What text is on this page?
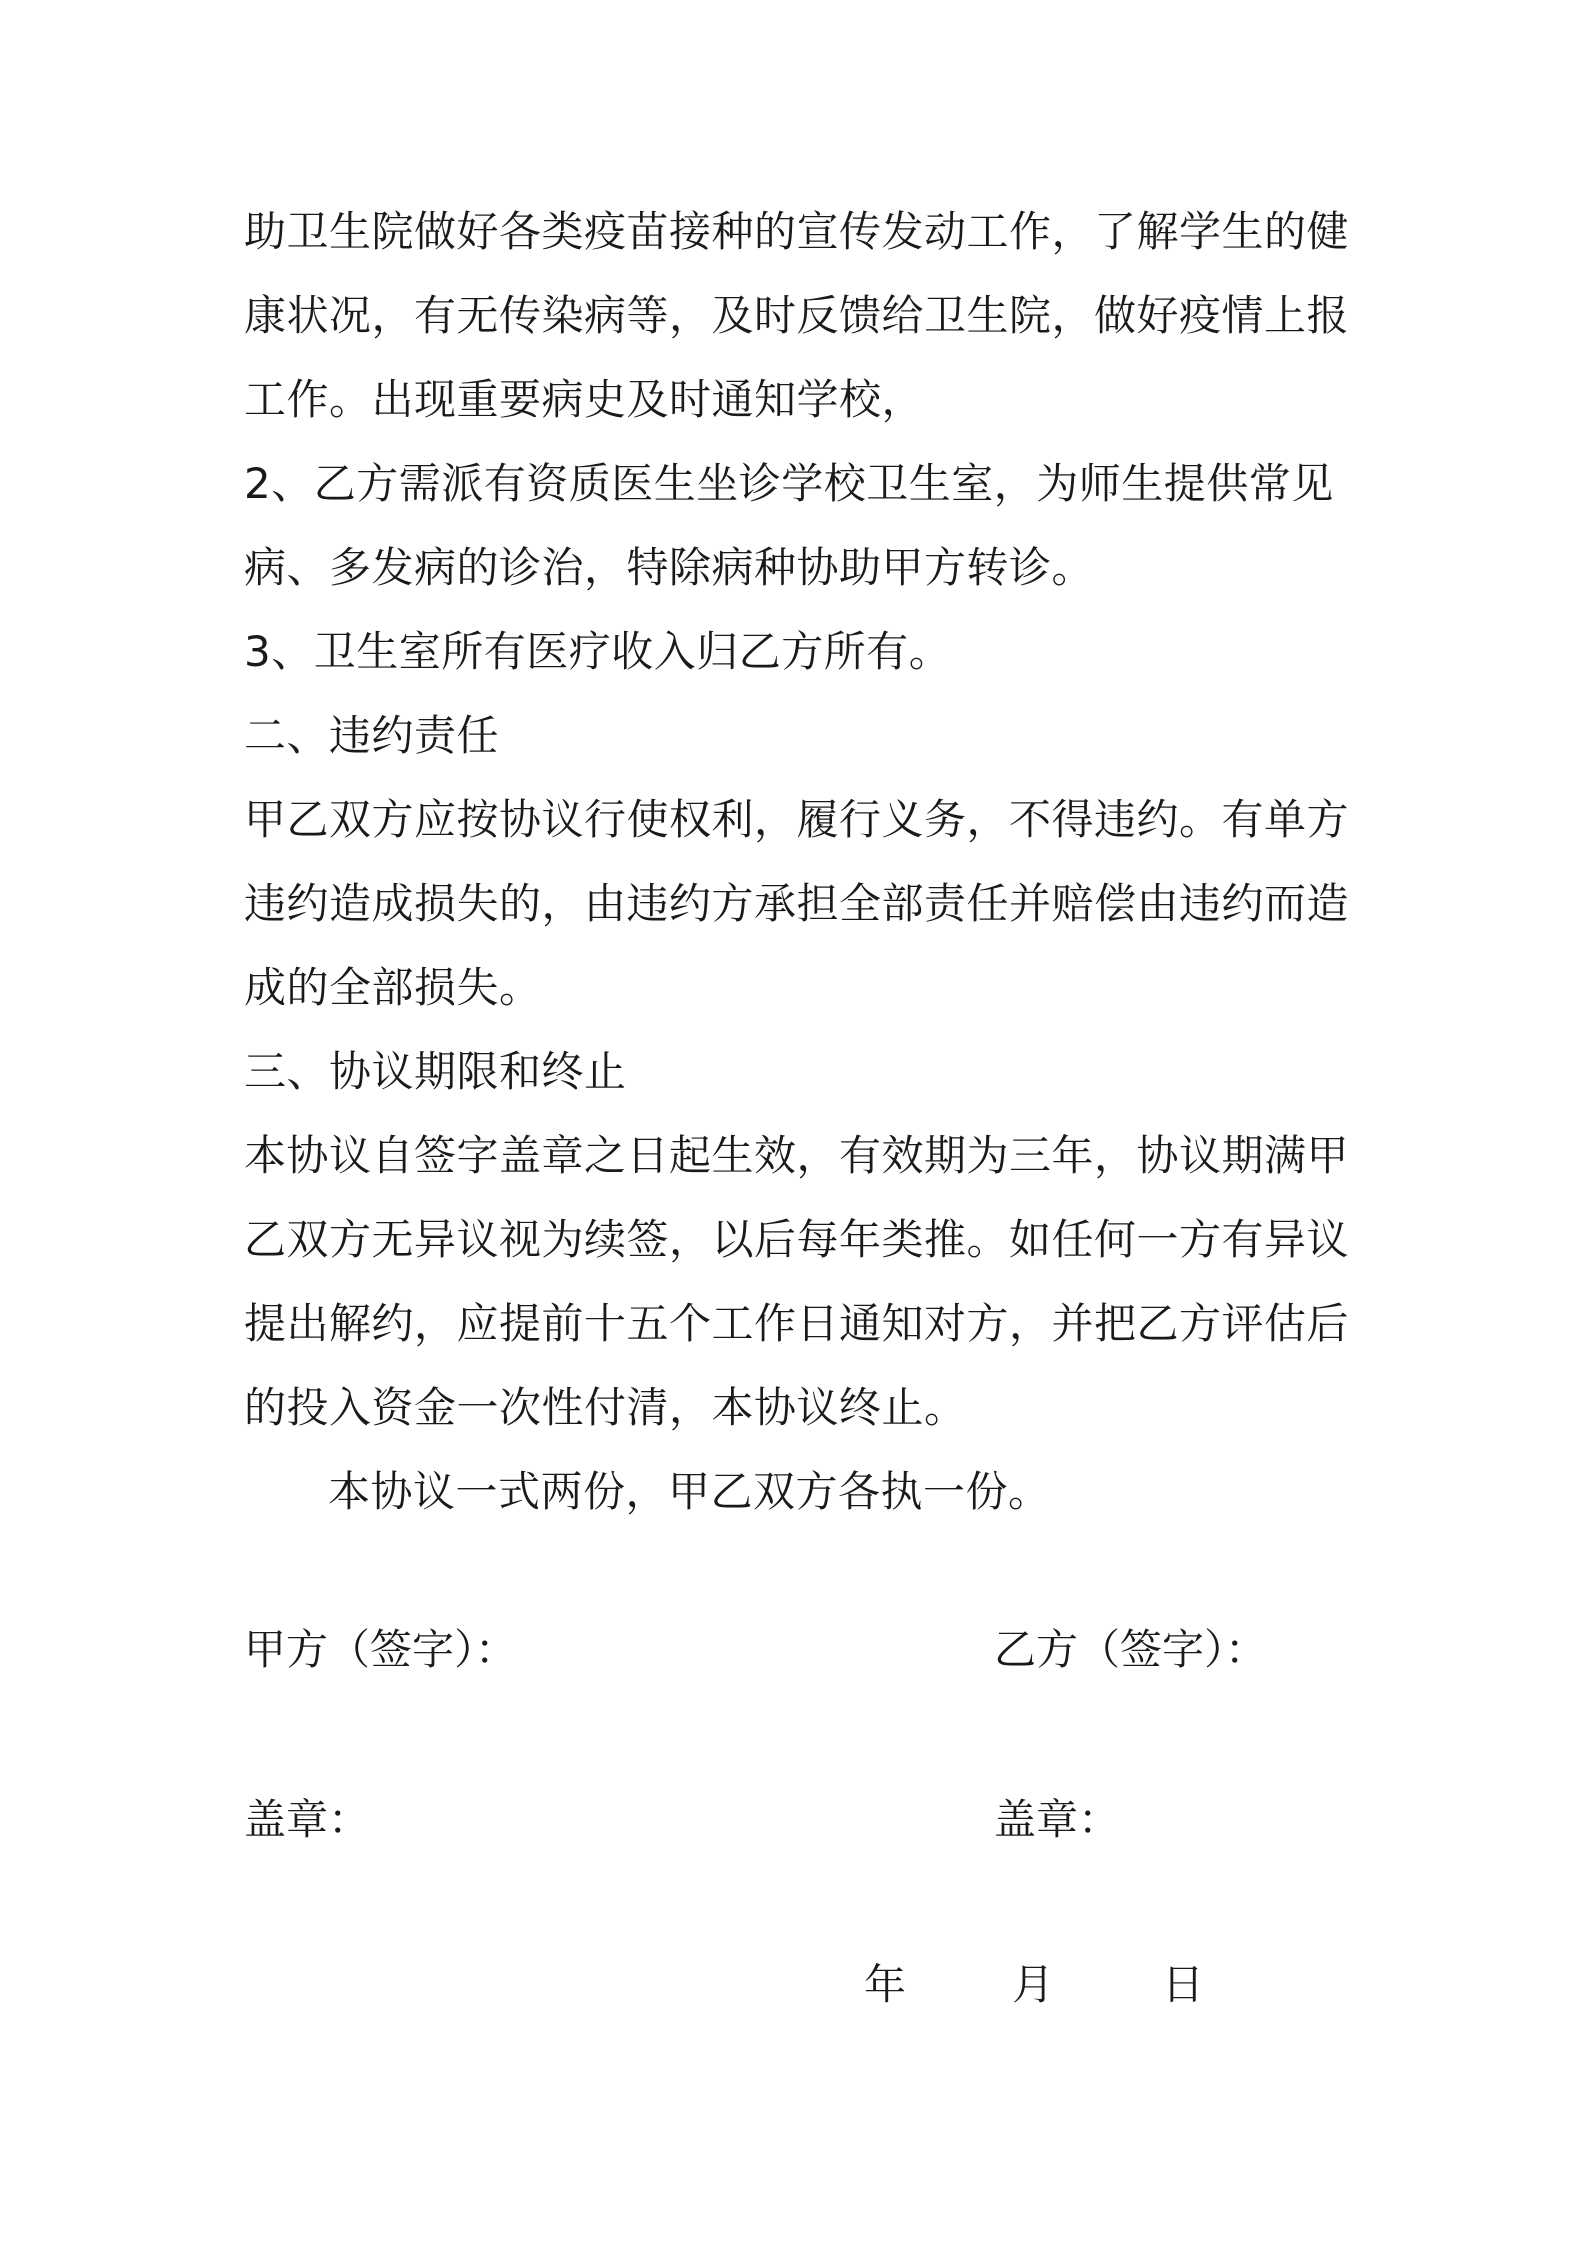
助卫生院做好各类疫苗接种的宣传发动工作，了解学生的健
康状况，有无传染病等，及时反馈给卫生院，做好疫情上报
工作。出现重要病史及时通知学校，
2、乙方需派有资质医生坐诊学校卫生室，为师生提供常见
病、多发病的诊治，特除病种协助甲方转诊。
3、卫生室所有医疗收入归乙方所有。
二、违约责任
甲乙双方应按协议行使权利，履行义务，不得违约。有单方
违约造成损失的，由违约方承担全部责任并赔偿由违约而造
成的全部损失。
三、协议期限和终止
本协议自签字盖章之日起生效，有效期为三年，协议期满甲
乙双方无异议视为续签，以后每年类推。如任何一方有异议
提出解约，应提前十五个工作日通知对方，并把乙方评估后
的投入资金一次性付清，本协议终止。
本协议一式两份，甲乙双方各执一份。
甲方（签字）：	乙方（签字）：
盖章：	盖章：
年	月	日
